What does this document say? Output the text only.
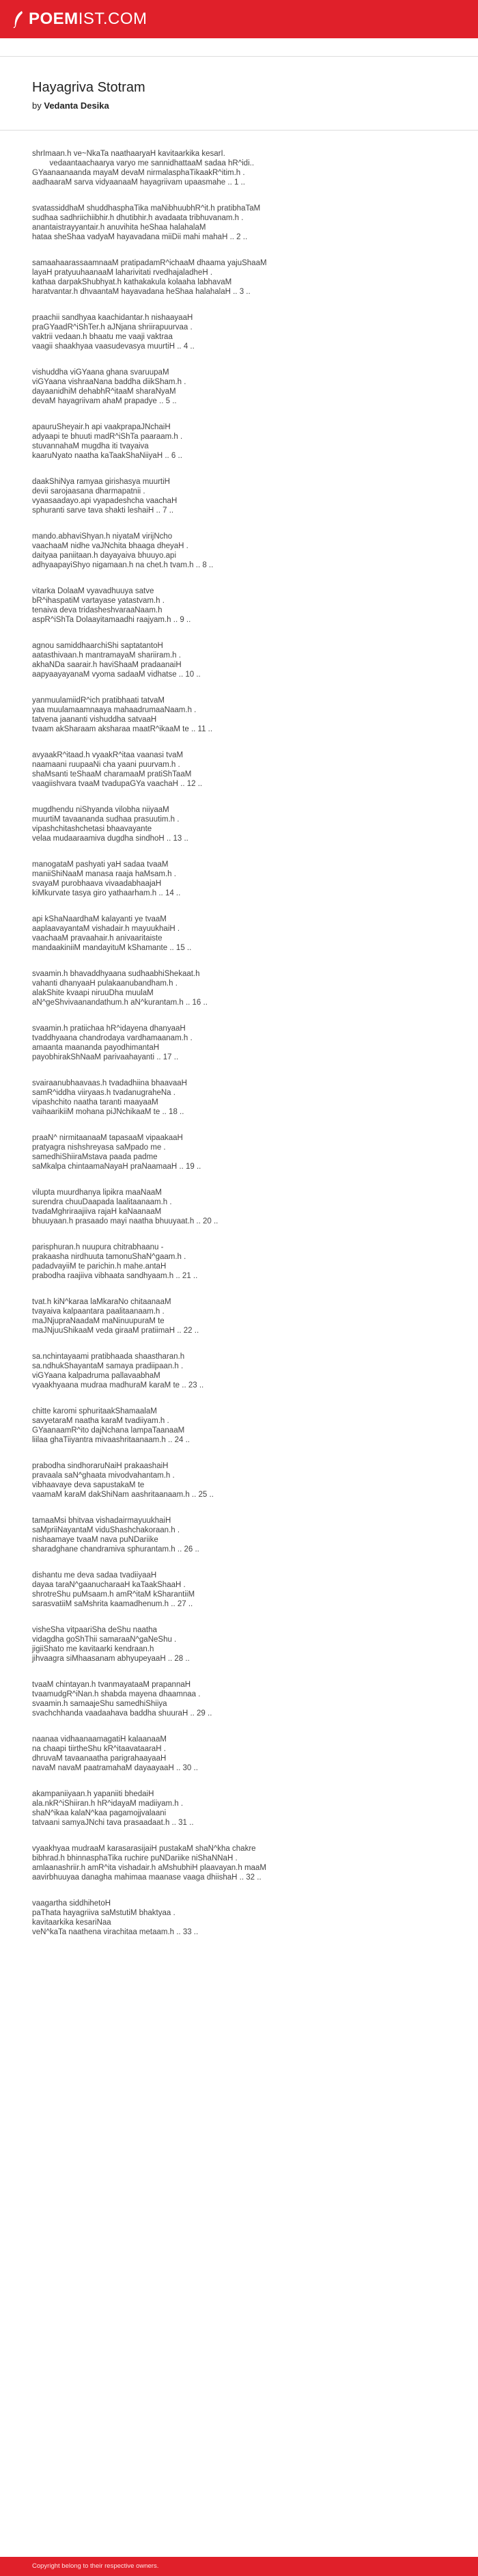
POEMIST.COM
Hayagriva Stotram
by Vedanta Desika
shrImaan.h ve~NkaTa naathaaryaH kavitaarkika kesarI.
vedaantaachaarya varyo me sannidhattaaM sadaa hR^idi..
GYaanaanaanda mayaM devaM nirmalasphaTikaakR^itim.h .
aadhaaraM sarva vidyaanaaM hayagriivam upaasmahe .. 1 ..
svatassiddhaM shuddhasphaTika maNibhuubhR^it.h pratibhaTaM
sudhaa sadhriichiibhir.h dhutibhir.h avadaata tribhuvanam.h .
anantaistrayyantair.h anuvihita heShaa halahalaM
hataa sheShaa vadyaM hayavadana miiDii mahi mahaH .. 2 ..
samaahaarassaamnaaM pratipadamR^ichaaM dhaama yajuShaaM
layaH pratyuuhaanaaM laharivitati rvedhajaladheH .
kathaa darpakShubhyat.h kathakakula kolaaha labhavaM
haratvantar.h dhvaantaM hayavadana heShaa halahalaH .. 3 ..
praachii sandhyaa kaachidantar.h nishaayaaH
praGYaadR^iShTer.h aJNjana shriirapuurvaa .
vaktrii vedaan.h bhaatu me vaaji vaktraa
vaagii shaakhyaa vaasudevasya muurtiH .. 4 ..
vishuddha viGYaana ghana svaruupaM
viGYaana vishraaNana baddha diikSham.h .
dayaanidhiM dehabhR^itaaM sharaNyaM
devaM hayagriivam ahaM prapadye .. 5 ..
apauruSheyair.h api vaakprapaJNchaiH
adyaapi te bhuuti madR^iShTa paaraam.h .
stuvannahaM mugdha iti tvayaiva
kaaruNyato naatha kaTaakShaNiiyaH .. 6 ..
daakShiNya ramyaa girishasya muurtiH
devii sarojaasana dharmapatnii .
vyaasaadayo.api vyapadeshcha vaachaH
sphuranti sarve tava shakti leshaiH .. 7 ..
mando.abhaviShyan.h niyataM virijNcho
vaachaaM nidhe vaJNchita bhaaga dheyaH .
daityaa paniitaan.h dayayaiva bhuuyo.api
adhyaapayiShyo nigamaan.h na chet.h tvam.h .. 8 ..
vitarka DolaaM vyavadhuuya satve
bR^ihaspatiM vartayase yatastvam.h .
tenaiva deva tridasheshvaraaNaam.h
aspR^iShTa Dolaayitamaadhi raajyam.h .. 9 ..
agnou samiddhaarchiShi saptatantoH
aatasthivaan.h mantramayaM shariiram.h .
akhaNDa saarair.h haviShaaM pradaanaiH
aapyaayayanaM vyoma sadaaM vidhatse .. 10 ..
yanmuulamiidR^ich pratibhaati tatvaM
yaa muulamaamnaaya mahaadrumaaNaam.h .
tatvena jaananti vishuddha satvaaH
tvaam akSharaam aksharaa maatR^ikaaM te .. 11 ..
avyaakR^itaad.h vyaakR^itaa vaanasi tvaM
naamaani ruupaaNi cha yaani puurvam.h .
shaMsanti teShaaM charamaaM pratiShTaaM
vaagiishvara tvaaM tvadupaGYa vaachaH .. 12 ..
mugdhendu niShyanda vilobha niiyaaM
muurtiM tavaananda sudhaa prasuutim.h .
vipashchitashchetasi bhaavayante
velaa mudaaraamiva dugdha sindhoH .. 13 ..
manogataM pashyati yaH sadaa tvaaM
maniiShiNaaM manasa raaja haMsam.h .
svayaM purobhaava vivaadabhaajaH
kiMkurvate tasya giro yathaarham.h .. 14 ..
api kShaNaardhaM kalayanti ye tvaaM
aaplaavayantaM vishadair.h mayuukhaiH .
vaachaaM pravaahair.h anivaaritaiste
mandaakiniiM mandayituM kShamante .. 15 ..
svaamin.h bhavaddhyaana sudhaabhiShekaat.h
vahanti dhanyaaH pulakaanubandham.h .
alakShite kvaapi niruuDha muulaM
aN^geShvivaanandathum.h aN^kurantam.h .. 16 ..
svaamin.h pratiichaa hR^idayena dhanyaaH
tvaddhyaana chandrodaya vardhamaanam.h .
amaanta maananda payodhimantaH
payobhirakShNaaM parivaahayanti .. 17 ..
svairaanubhaavaas.h tvadadhiina bhaavaaH
samR^iddha viiryaas.h tvadanugraheNa .
vipashchito naatha taranti maayaaM
vaihaarikiiM mohana piJNchikaaM te .. 18 ..
praaN^ nirmitaanaaM tapasaaM vipaakaaH
pratyagra nishshreyasa saMpado me .
samedhiShiiraMstava paada padme
saMkalpa chintaamaNayaH praNaamaaH .. 19 ..
vilupta muurdhanya lipikra maaNaaM
surendra chuuDaapada laalitaanaam.h .
tvadaMghriraajiiva rajaH kaNaanaaM
bhuuyaan.h prasaado mayi naatha bhuuyaat.h .. 20 ..
parisphuran.h nuupura chitrabhaanu -
prakaasha nirdhuuta tamonuShaN^gaam.h .
padadvayiiM te parichin.h mahe.antaH
prabodha raajiiva vibhaata sandhyaam.h .. 21 ..
tvat.h kiN^karaa laMkaraNo chitaanaaM
tvayaiva kalpaantara paalitaanaam.h .
maJNjupraNaadaM maNinuupuraM te
maJNjuuShikaaM veda giraaM pratiimaH .. 22 ..
sa.nchintayaami pratibhaada shaastharan.h
sa.ndhukShayantaM samaya pradiipaan.h .
viGYaana kalpadruma pallavaabhaM
vyaakhyaana mudraa madhuraM karaM te .. 23 ..
chitte karomi sphuritaakShamaalaM
savyetaraM naatha karaM tvadiiyam.h .
GYaanaamR^ito dajNchana lampaTaanaaM
liilaa ghaTiiyantra mivaashritaanaam.h .. 24 ..
prabodha sindhoraruNaiH prakaashaiH
pravaala saN^ghaata mivodvahantam.h .
vibhaavaye deva sapustakaM te
vaamaM karaM dakShiNam aashritaanaam.h .. 25 ..
tamaaMsi bhitvaa vishadairmayuukhaiH
saMpriiNayantaM viduShashchakoraan.h .
nishaamaye tvaaM nava puNDariike
sharadghane chandramiva sphurantam.h .. 26 ..
dishantu me deva sadaa tvadiiyaaH
dayaa taraN^gaanucharaaH kaTaakShaaH .
shrotreShu puMsaam.h amR^itaM kSharantiiM
sarasvatiiM saMshrita kaamadhenum.h .. 27 ..
visheSha vitpaariSha deShu naatha
vidagdha goShThii samaraaN^gaNeShu .
jigiiShato me kavitaarki kendraan.h
jihvaagra siMhaasanam abhyupeyaaH .. 28 ..
tvaaM chintayan.h tvanmayataaM prapannaH
tvaamudgR^iNan.h shabda mayena dhaamnaa .
svaamin.h samaajeShu samedhiShiiya
svachchhanda vaadaahava baddha shuuraH .. 29 ..
naanaa vidhaanaamagatiH kalaanaaM
na chaapi tiirtheShu kR^itaavataaraH .
dhruvaM tavaanaatha parigrahaayaaH
navaM navaM paatramahaM dayaayaaH .. 30 ..
akampaniiyaan.h yapaniiti bhedaiH
ala.nkR^iShiiran.h hR^idayaM madiiyam.h .
shaN^ikaa kalaN^kaa pagamojjvalaani
tatvaani samyaJNchi tava prasaadaat.h .. 31 ..
vyaakhyaa mudraaM karasarasijaiH pustakaM shaN^kha chakre
bibhrad.h bhinnasphaTika ruchire puNDariike niShaNNaH .
amlaanashriir.h amR^ita vishadair.h aMshubhiH plaavayan.h maaM
aavirbhuuyaa danagha mahimaa maanase vaaga dhiishaH .. 32 ..
vaagartha siddhihetoH
paThata hayagriiva saMstutiM bhaktyaa .
kavitaarkika kesariNaa
veN^kaTa naathena virachitaa metaam.h .. 33 ..
Copyright belong to their respective owners.
